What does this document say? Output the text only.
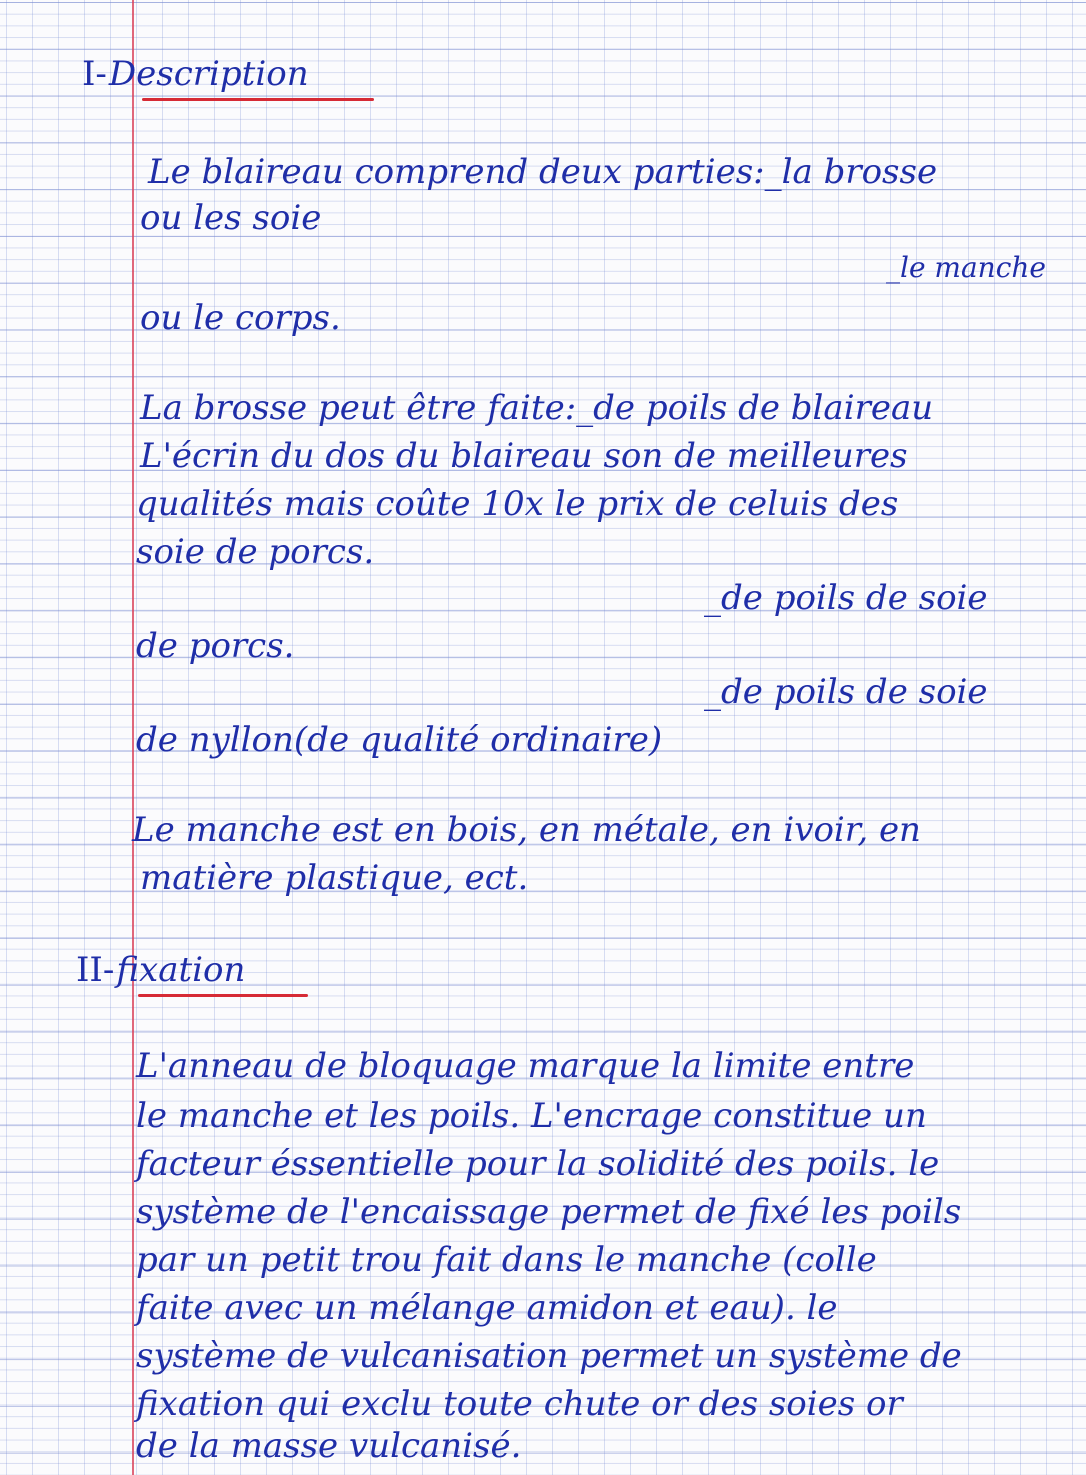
I-Description
Le blaireau comprend deux parties:_la brosse
ou les soie
_le manche
ou le corps.
La brosse peut être faite:_de poils de blaireau
L'écrin du dos du blaireau son de meilleures
qualités mais coûte 10x le prix de celuis des
soie de porcs.
_de poils de soie
de porcs.
_de poils de soie
de nyllon(de qualité ordinaire)
Le manche est en bois, en métale, en ivoir, en
matière plastique, ect.
II-fixation
L'anneau de bloquage marque la limite entre
le manche et les poils. L'encrage constitue un
facteur éssentielle pour la solidité des poils. le
système de l'encaissage permet de fixé les poils
par un petit trou fait dans le manche (colle
faite avec un mélange amidon et eau). le
système de vulcanisation permet un système de
fixation qui exclu toute chute or des soies or
de la masse vulcanisé.
